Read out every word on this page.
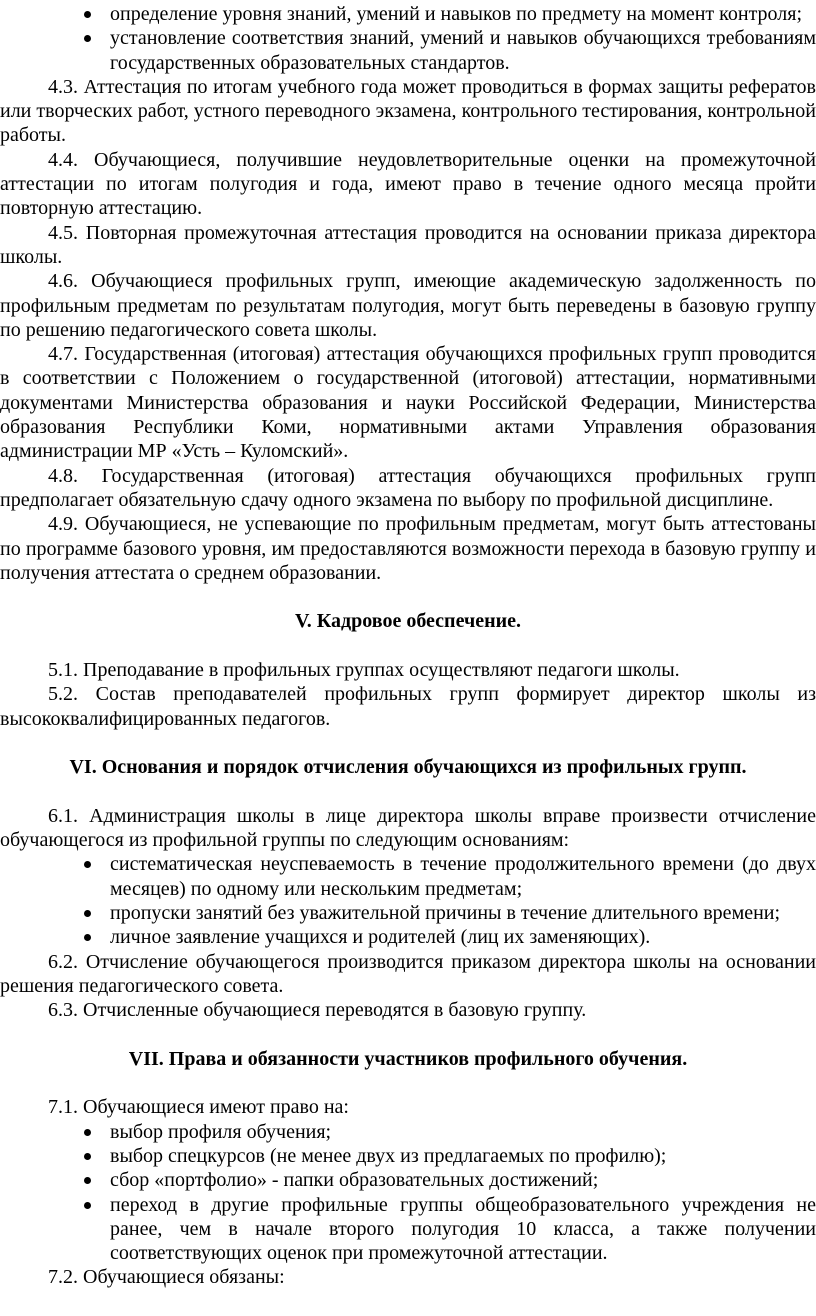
определение уровня знаний, умений и навыков по предмету на момент контроля;
установление соответствия знаний, умений и навыков обучающихся требованиям государственных образовательных стандартов.

4.3. Аттестация по итогам учебного года может проводиться в формах защиты рефератов или творческих работ, устного переводного экзамена, контрольного тестирования, контрольной работы.

4.4. Обучающиеся, получившие неудовлетворительные оценки на промежуточной аттестации по итогам полугодия и года, имеют право в течение одного месяца пройти повторную аттестацию.

4.5. Повторная промежуточная аттестация проводится на основании приказа директора школы.

4.6. Обучающиеся профильных групп, имеющие академическую задолженность по профильным предметам по результатам полугодия, могут быть переведены в базовую группу по решению педагогического совета школы.

4.7. Государственная (итоговая) аттестация обучающихся профильных групп проводится в соответствии с Положением о государственной (итоговой) аттестации, нормативными документами Министерства образования и науки Российской Федерации, Министерства образования Республики Коми, нормативными актами Управления образования администрации МР «Усть – Куломский».

4.8. Государственная (итоговая) аттестация обучающихся профильных групп предполагает обязательную сдачу одного экзамена по выбору по профильной дисциплине.

4.9. Обучающиеся, не успевающие по профильным предметам, могут быть аттестованы по программе базового уровня, им предоставляются возможности перехода в базовую группу и получения аттестата о среднем образовании.

V. Кадровое обеспечение.

5.1. Преподавание в профильных группах осуществляют педагоги школы.

5.2. Состав преподавателей профильных групп формирует директор школы из высококвалифицированных педагогов.

VI. Основания и порядок отчисления обучающихся из профильных групп.

6.1. Администрация школы в лице директора школы вправе произвести отчисление обучающегося из профильной группы по следующим основаниям:

систематическая неуспеваемость в течение продолжительного времени (до двух месяцев) по одному или нескольким предметам;
пропуски занятий без уважительной причины в течение длительного времени;
личное заявление учащихся и родителей (лиц их заменяющих).

6.2. Отчисление обучающегося производится приказом директора школы на основании решения педагогического совета.

6.3. Отчисленные обучающиеся переводятся в базовую группу.

VII. Права и обязанности участников профильного обучения.

7.1. Обучающиеся имеют право на:

выбор профиля обучения;
выбор спецкурсов (не менее двух из предлагаемых по профилю);
сбор «портфолио» - папки образовательных достижений;
переход в другие профильные группы общеобразовательного учреждения не ранее, чем в начале второго полугодия 10 класса, а также получении соответствующих оценок при промежуточной аттестации.

7.2. Обучающиеся обязаны:
